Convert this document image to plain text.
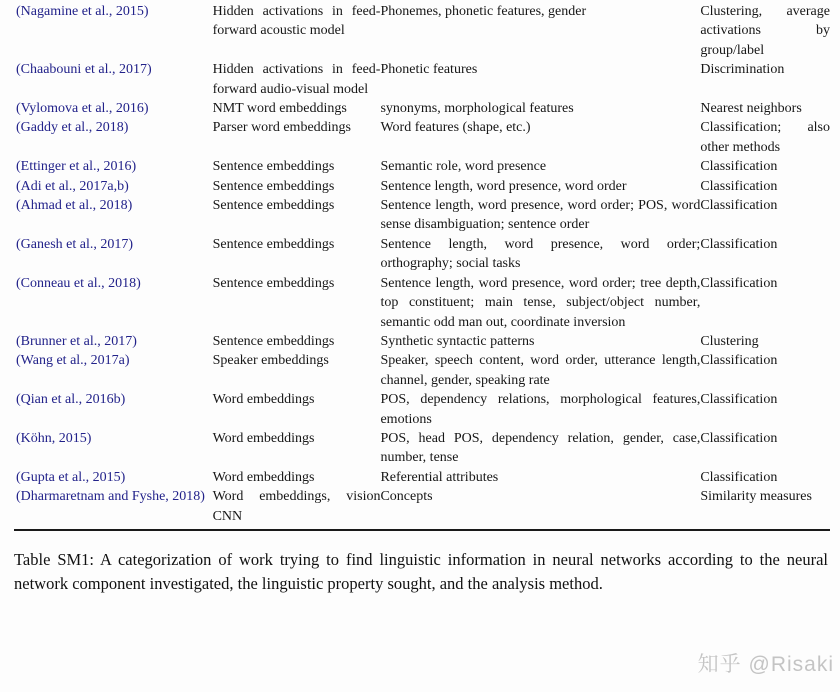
(Nagamine et al., 2015)	Hidden activations in feed-forward acoustic model	Phonemes, phonetic features, gender	Clustering, average activations by group/label
(Chaabouni et al., 2017)	Hidden activations in feed-forward audio-visual model	Phonetic features	Discrimination
(Vylomova et al., 2016)	NMT word embeddings	synonyms, morphological features	Nearest neighbors
(Gaddy et al., 2018)	Parser word embeddings	Word features (shape, etc.)	Classification; also other methods
(Ettinger et al., 2016)	Sentence embeddings	Semantic role, word presence	Classification
(Adi et al., 2017a,b)	Sentence embeddings	Sentence length, word presence, word order	Classification
(Ahmad et al., 2018)	Sentence embeddings	Sentence length, word presence, word order; POS, word sense disambiguation; sentence order	Classification
(Ganesh et al., 2017)	Sentence embeddings	Sentence length, word presence, word order; orthography; social tasks	Classification
(Conneau et al., 2018)	Sentence embeddings	Sentence length, word presence, word order; tree depth, top constituent; main tense, subject/object number, semantic odd man out, coordinate inversion	Classification
(Brunner et al., 2017)	Sentence embeddings	Synthetic syntactic patterns	Clustering
(Wang et al., 2017a)	Speaker embeddings	Speaker, speech content, word order, utterance length, channel, gender, speaking rate	Classification
(Qian et al., 2016b)	Word embeddings	POS, dependency relations, morphological features, emotions	Classification
(Köhn, 2015)	Word embeddings	POS, head POS, dependency relation, gender, case, number, tense	Classification
(Gupta et al., 2015)	Word embeddings	Referential attributes	Classification
(Dharmaretnam and Fyshe, 2018)	Word embeddings, vision CNN	Concepts	Similarity measures

Table SM1: A categorization of work trying to find linguistic information in neural networks according to the neural network component investigated, the linguistic property sought, and the analysis method.

知乎 @Risaki
